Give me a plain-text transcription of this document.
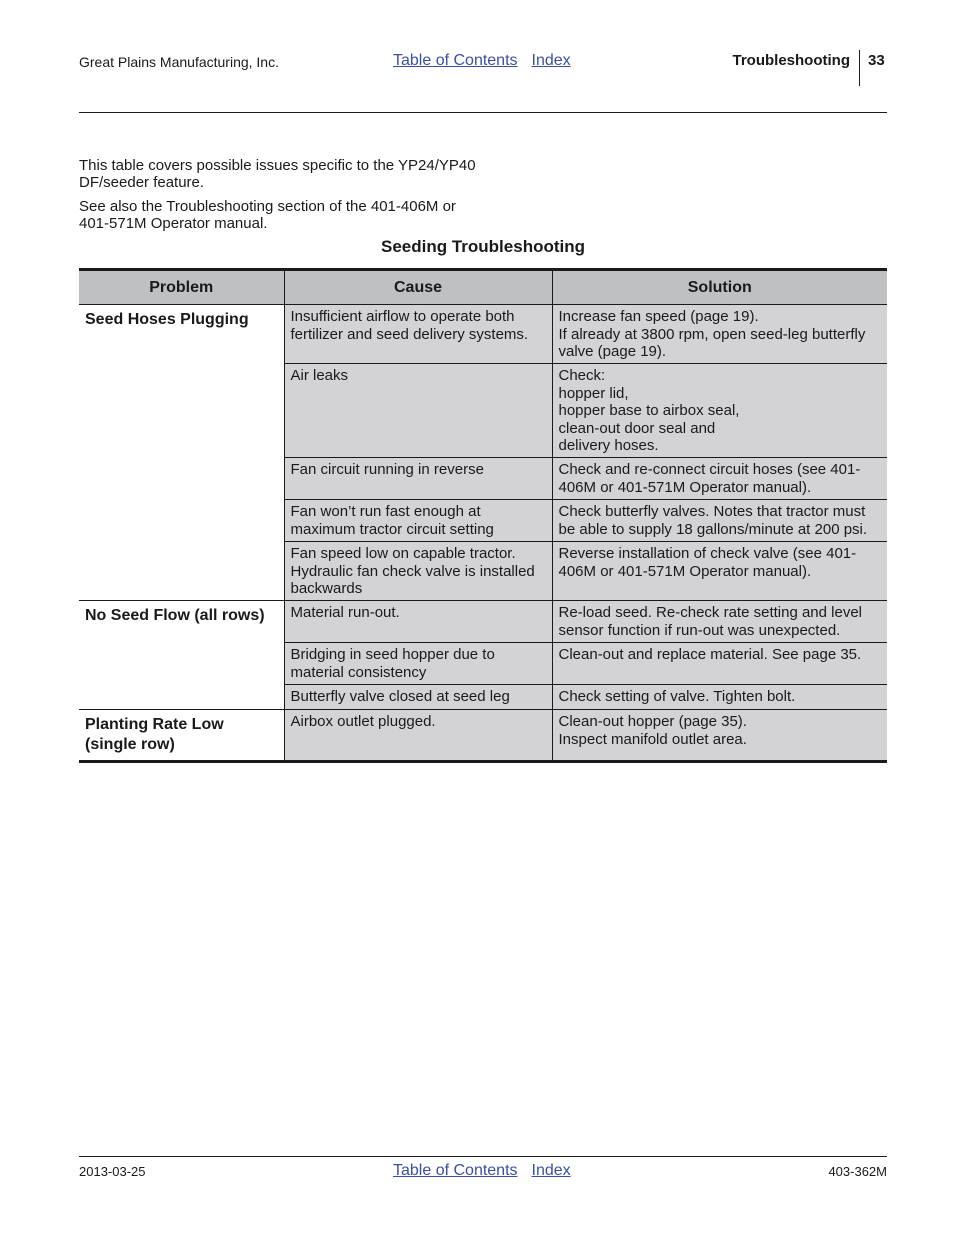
Great Plains Manufacturing, Inc.	Table of Contents Index	Troubleshooting 33
This table covers possible issues specific to the YP24/YP40 DF/seeder feature.
See also the Troubleshooting section of the 401-406M or 401-571M Operator manual.
Seeding Troubleshooting
Problem	Cause	Solution
Seed Hoses Plugging	Insufficient airflow to operate both fertilizer and seed delivery systems.	Increase fan speed (page 19).
If already at 3800 rpm, open seed-leg butterfly valve (page 19).
	Air leaks	Check:
hopper lid,
hopper base to airbox seal,
clean-out door seal and
delivery hoses.
	Fan circuit running in reverse	Check and re-connect circuit hoses (see 401-406M or 401-571M Operator manual).
	Fan won’t run fast enough at maximum tractor circuit setting	Check butterfly valves. Notes that tractor must be able to supply 18 gallons/minute at 200 psi.
	Fan speed low on capable tractor. Hydraulic fan check valve is installed backwards	Reverse installation of check valve (see 401-406M or 401-571M Operator manual).
No Seed Flow (all rows)	Material run-out.	Re-load seed. Re-check rate setting and level sensor function if run-out was unexpected.
	Bridging in seed hopper due to material consistency	Clean-out and replace material. See page 35.
	Butterfly valve closed at seed leg	Check setting of valve. Tighten bolt.
Planting Rate Low (single row)	Airbox outlet plugged.	Clean-out hopper (page 35).
Inspect manifold outlet area.
2013-03-25	Table of Contents Index	403-362M
